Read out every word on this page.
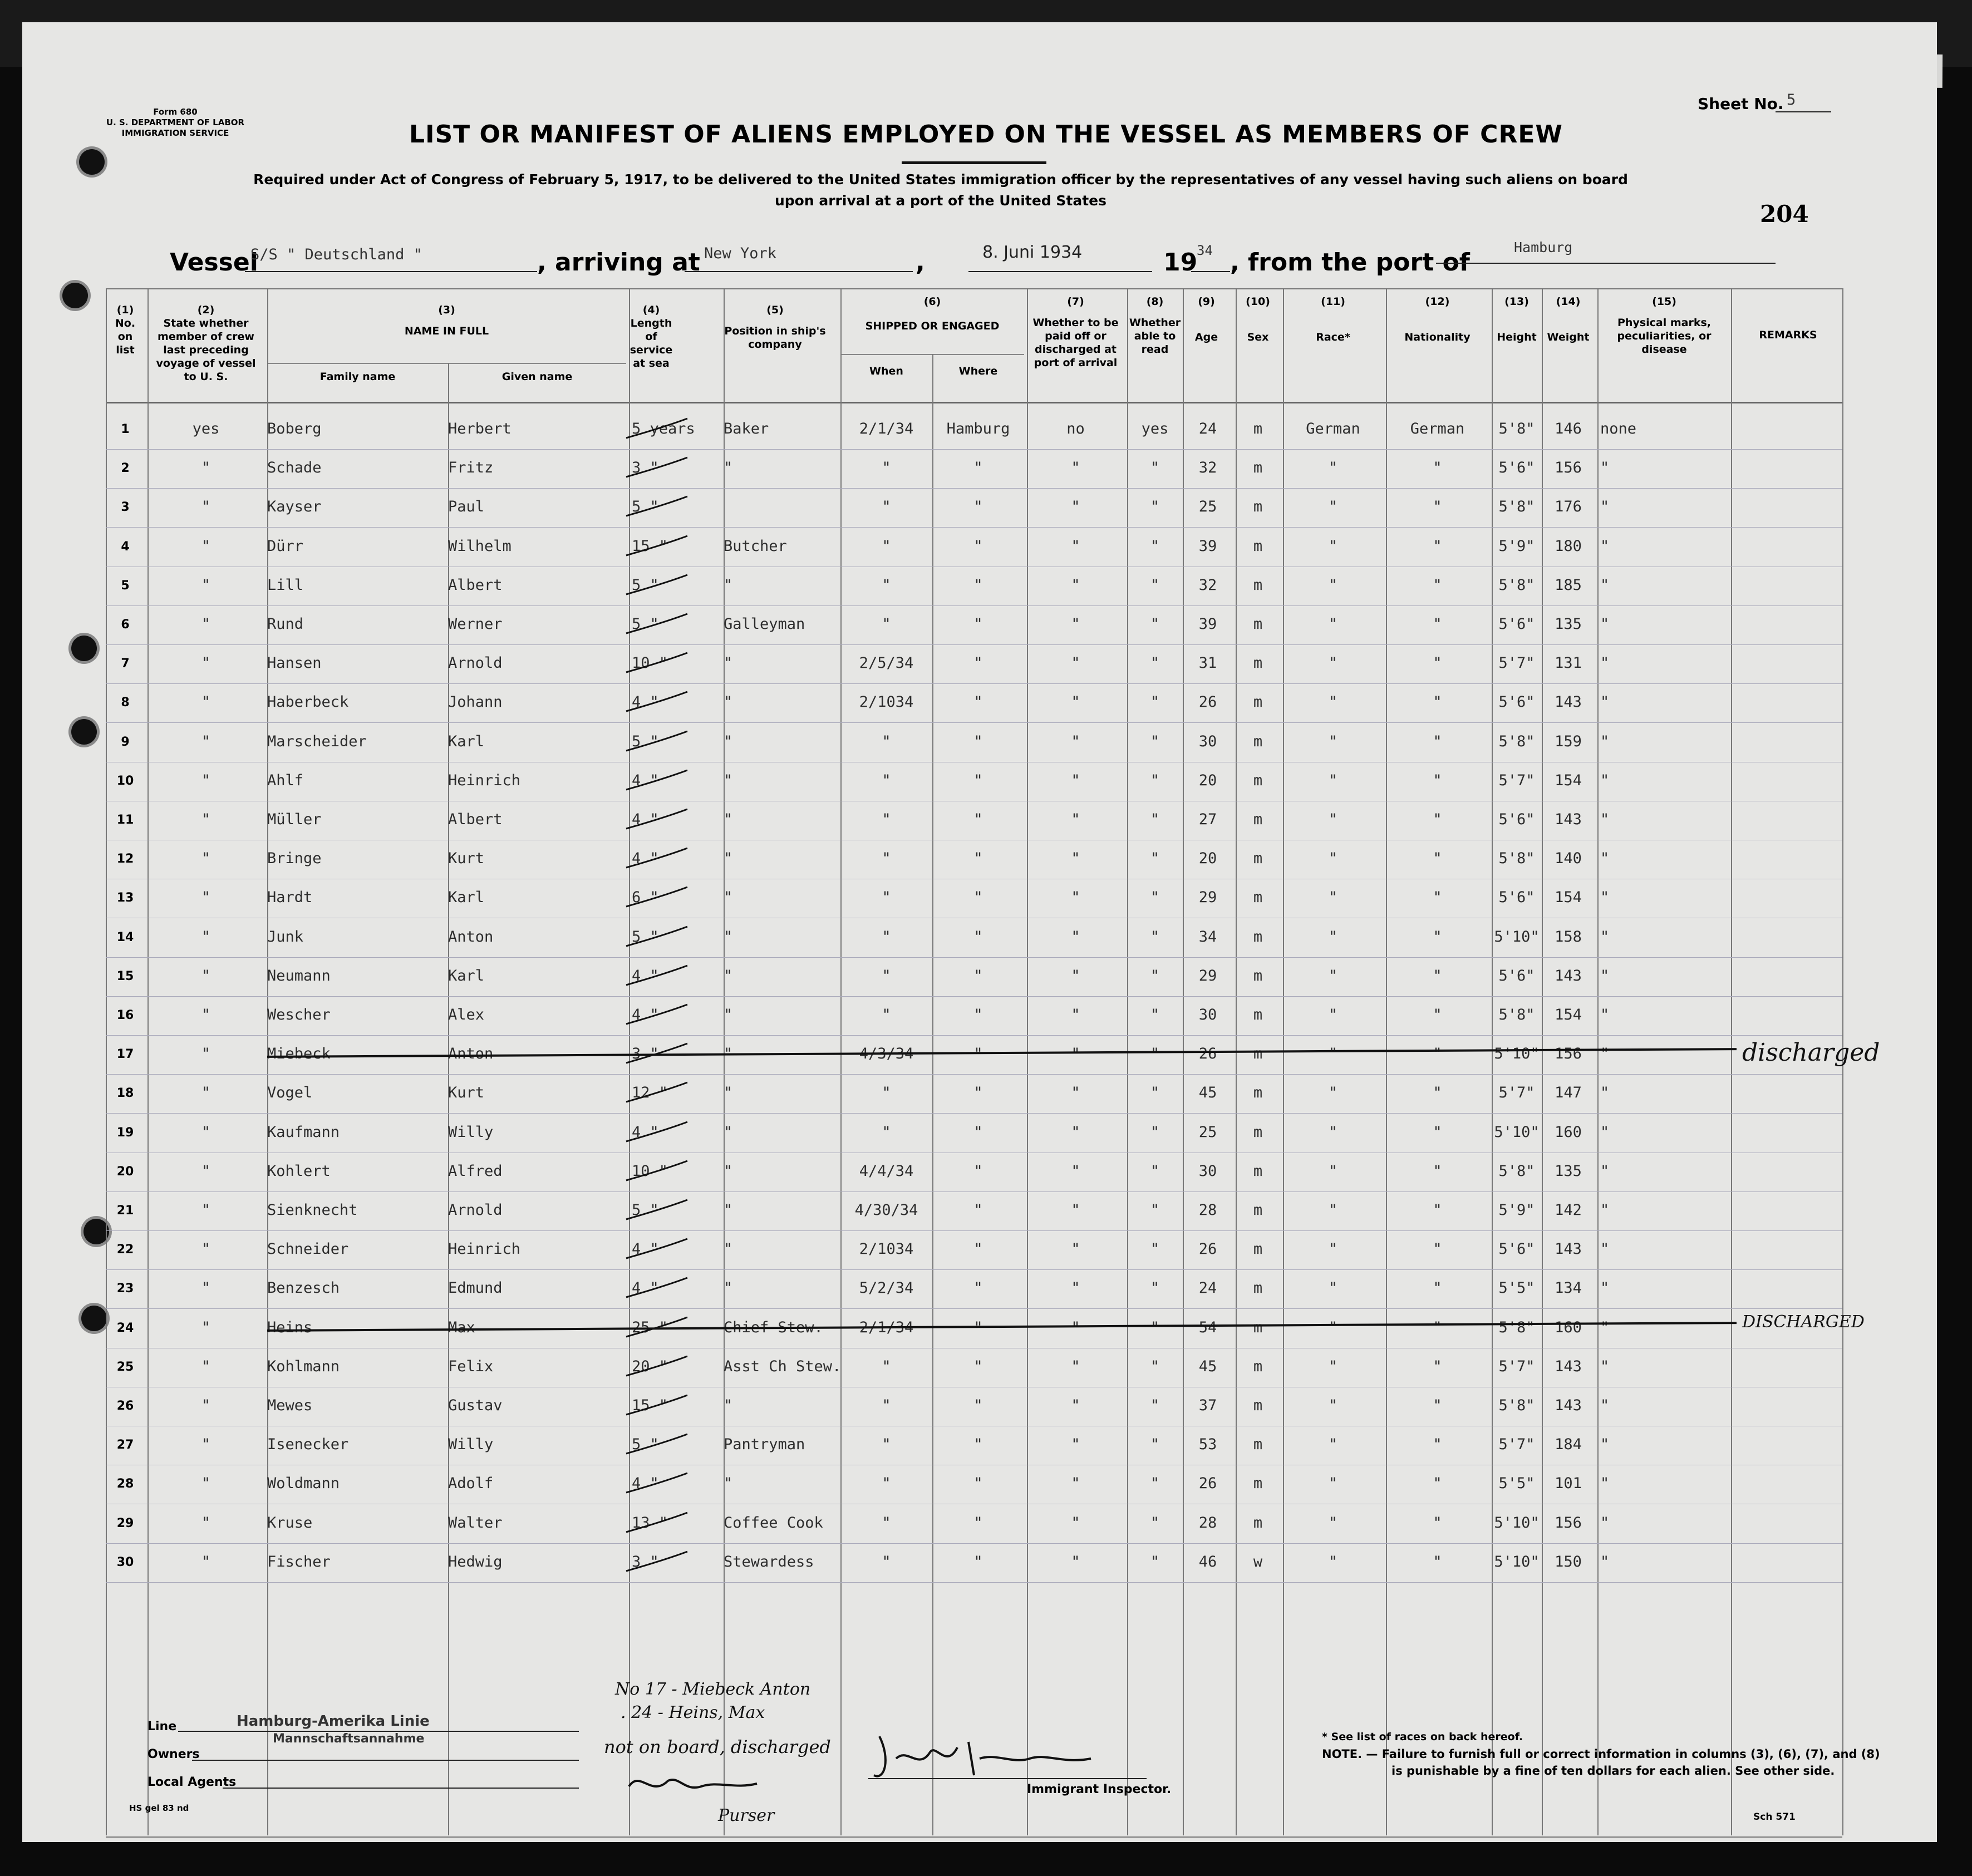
Form 680
U. S. DEPARTMENT OF LABOR
IMMIGRATION SERVICE
Sheet No. 5
LIST OR MANIFEST OF ALIENS EMPLOYED ON THE VESSEL AS MEMBERS OF CREW
Required under Act of Congress of February 5, 1917, to be delivered to the United States immigration officer by the representatives of any vessel having such aliens on board
upon arrival at a port of the United States	204
Vessel
S/S " Deutschland "	, arriving at New York	,	8. Juni 1934	19
34 , from the port of
Hamburg
(1)
No. on list
(2)
State whether member of crew last preceding voyage of vessel to U. S.
(3)
NAME IN FULL
Family name	Given name
(4)
Length of service at sea
(5)
Position in ship's company
(6)
SHIPPED OR ENGAGED
When	Where
(7)
Whether to be paid off or discharged at port of arrival
(8)
Whether able to read
(9)
Age
(10)
Sex
(11)
Race*
(12)
Nationality
(13)
Height
(14)
Weight
(15)
Physical marks, peculiarities, or disease
REMARKS
1	yes	Boberg	Herbert	5 years	Baker	2/1/34	Hamburg	no	yes	24	m	German	German	5'8"	146	none
2	"	Schade	Fritz	3 "	"	"	"	"	"	32	m	"	"	5'6"	156	"
3	"	Kayser	Paul	5 "	"	"	"	"	25	m	"	"	5'8"	176	"
4	"	Dürr	Wilhelm	15 "	Butcher	"	"	"	"	39	m	"	"	5'9"	180	"
5	"	Lill	Albert	5 "	"	"	"	"	"	32	m	"	"	5'8"	185	"
6	"	Rund	Werner	5 "	Galleyman	"	"	"	"	39	m	"	"	5'6"	135	"
7	"	Hansen	Arnold	10 "	"	2/5/34	"	"	"	31	m	"	"	5'7"	131	"
8	"	Haberbeck	Johann	4 "	"	2/1034	"	"	"	26	m	"	"	5'6"	143	"
9	"	Marscheider	Karl	5 "	"	"	"	"	"	30	m	"	"	5'8"	159	"
10	"	Ahlf	Heinrich	4 "	"	"	"	"	"	20	m	"	"	5'7"	154	"
11	"	Müller	Albert	4 "	"	"	"	"	"	27	m	"	"	5'6"	143	"
12	"	Bringe	Kurt	4 "	"	"	"	"	"	20	m	"	"	5'8"	140	"
13	"	Hardt	Karl	6 "	"	"	"	"	"	29	m	"	"	5'6"	154	"
14	"	Junk	Anton	5 "	"	"	"	"	"	34	m	"	"	5'10"	158	"
15	"	Neumann	Karl	4 "	"	"	"	"	"	29	m	"	"	5'6"	143	"
16	"	Wescher	Alex	4 "	"	"	"	"	"	30	m	"	"	5'8"	154	"
17	"	Miebeck	Anton	3 "	"	4/3/34	"	"	"	26	m	"	"	5'10"	156	"	discharged
18	"	Vogel	Kurt	12 "	"	"	"	"	"	45	m	"	"	5'7"	147	"
19	"	Kaufmann	Willy	4 "	"	"	"	"	"	25	m	"	"	5'10"	160	"
20	"	Kohlert	Alfred	10 "	"	4/4/34	"	"	"	30	m	"	"	5'8"	135	"
21	"	Sienknecht	Arnold	5 "	"	4/30/34	"	"	"	28	m	"	"	5'9"	142	"
22	"	Schneider	Heinrich	4 "	"	2/1034	"	"	"	26	m	"	"	5'6"	143	"
23	"	Benzesch	Edmund	4 "	"	5/2/34	"	"	"	24	m	"	"	5'5"	134	"
24	"	Heins	Max	25 "	Chief Stew.	2/1/34	"	"	"	54	m	"	"	5'8"	160	"	DISCHARGED
25	"	Kohlmann	Felix	20 "	Asst Ch Stew.	"	"	"	"	45	m	"	"	5'7"	143	"
26	"	Mewes	Gustav	15 "	"	"	"	"	"	37	m	"	"	5'8"	143	"
27	"	Isenecker	Willy	5 "	Pantryman	"	"	"	"	53	m	"	"	5'7"	184	"
28	"	Woldmann	Adolf	4 "	"	"	"	"	"	26	m	"	"	5'5"	101	"
29	"	Kruse	Walter	13 "	Coffee Cook	"	"	"	"	28	m	"	"	5'10"	156	"
30	"	Fischer	Hedwig	3 "	Stewardess	"	"	"	"	46	w	"	"	5'10"	150	"
Line	Hamburg-Amerika Linie
Mannschaftsannahme
Owners
Local Agents
HS gel 83 nd
No 17 - Miebeck Anton
. 24 - Heins, Max
not on board, discharged
Purser
Immigrant Inspector.
* See list of races on back hereof.
NOTE. — Failure to furnish full or correct information in columns (3), (6), (7), and (8)
is punishable by a fine of ten dollars for each alien. See other side.
Sch 571
